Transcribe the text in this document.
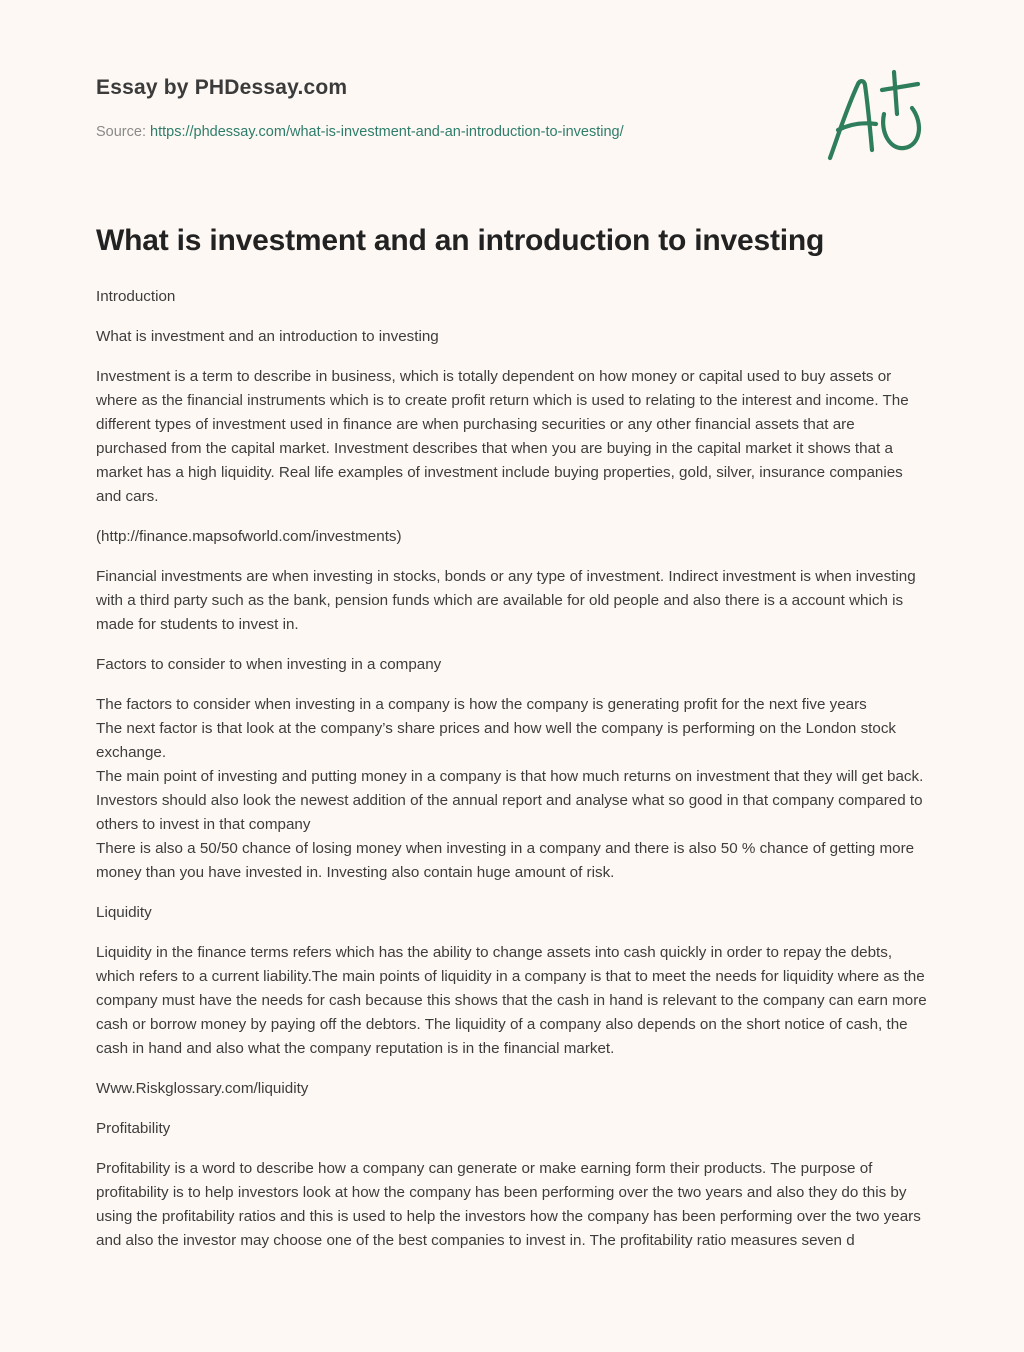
Essay by PHDessay.com
Source: https://phdessay.com/what-is-investment-and-an-introduction-to-investing/
What is investment and an introduction to investing

Introduction

What is investment and an introduction to investing

Investment is a term to describe in business, which is totally dependent on how money or capital used to buy assets or where as the financial instruments which is to create profit return which is used to relating to the interest and income. The different types of investment used in finance are when purchasing securities or any other financial assets that are purchased from the capital market. Investment describes that when you are buying in the capital market it shows that a market has a high liquidity. Real life examples of investment include buying properties, gold, silver, insurance companies and cars.

(http://finance.mapsofworld.com/investments)

Financial investments are when investing in stocks, bonds or any type of investment. Indirect investment is when investing with a third party such as the bank, pension funds which are available for old people and also there is a account which is made for students to invest in.

Factors to consider to when investing in a company

The factors to consider when investing in a company is how the company is generating profit for the next five years
The next factor is that look at the company’s share prices and how well the company is performing on the London stock exchange.
The main point of investing and putting money in a company is that how much returns on investment that they will get back.
Investors should also look the newest addition of the annual report and analyse what so good in that company compared to others to invest in that company
There is also a 50/50 chance of losing money when investing in a company and there is also 50 % chance of getting more money than you have invested in. Investing also contain huge amount of risk.

Liquidity

Liquidity in the finance terms refers which has the ability to change assets into cash quickly in order to repay the debts, which refers to a current liability.The main points of liquidity in a company is that to meet the needs for liquidity where as the company must have the needs for cash because this shows that the cash in hand is relevant to the company can earn more cash or borrow money by paying off the debtors. The liquidity of a company also depends on the short notice of cash, the cash in hand and also what the company reputation is in the financial market.

Www.Riskglossary.com/liquidity

Profitability

Profitability is a word to describe how a company can generate or make earning form their products. The purpose of profitability is to help investors look at how the company has been performing over the two years and also they do this by using the profitability ratios and this is used to help the investors how the company has been performing over the two years and also the investor may choose one of the best companies to invest in. The profitability ratio measures seven d
